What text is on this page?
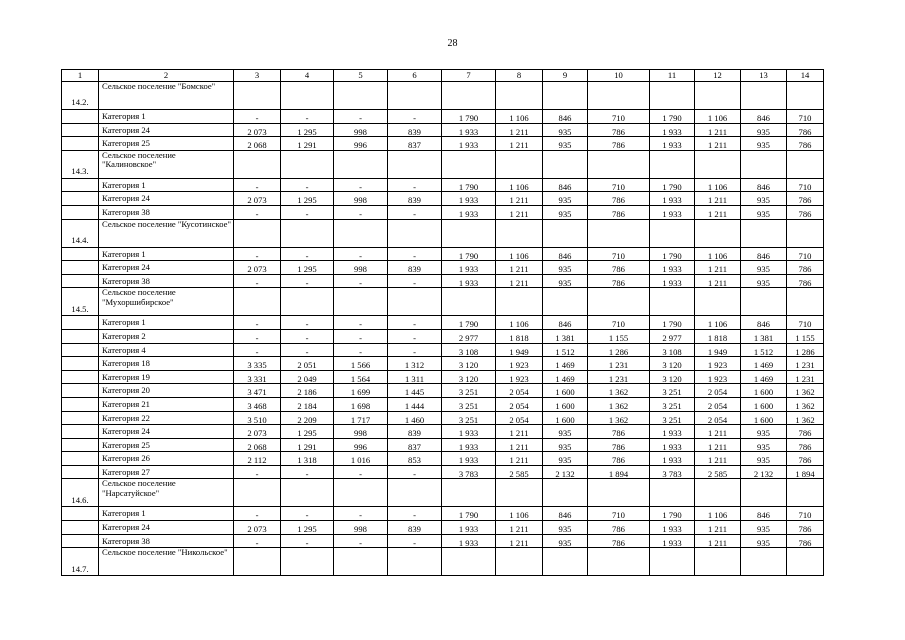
28
1	2	3	4	5	6	7	8	9	10	11	12	13	14
14.2.	Сельское поселение "Бомское"												
	Категория 1	-	-	-	-	1 790	1 106	846	710	1 790	1 106	846	710
	Категория 24	2 073	1 295	998	839	1 933	1 211	935	786	1 933	1 211	935	786
	Категория 25	2 068	1 291	996	837	1 933	1 211	935	786	1 933	1 211	935	786
14.3.	Сельское поселение "Калиновское"												
	Категория 1	-	-	-	-	1 790	1 106	846	710	1 790	1 106	846	710
	Категория 24	2 073	1 295	998	839	1 933	1 211	935	786	1 933	1 211	935	786
	Категория 38	-	-	-	-	1 933	1 211	935	786	1 933	1 211	935	786
14.4.	Сельское поселение "Кусотинское"												
	Категория 1	-	-	-	-	1 790	1 106	846	710	1 790	1 106	846	710
	Категория 24	2 073	1 295	998	839	1 933	1 211	935	786	1 933	1 211	935	786
	Категория 38	-	-	-	-	1 933	1 211	935	786	1 933	1 211	935	786
14.5.	Сельское поселение "Мухоршибирское"												
	Категория 1	-	-	-	-	1 790	1 106	846	710	1 790	1 106	846	710
	Категория 2	-	-	-	-	2 977	1 818	1 381	1 155	2 977	1 818	1 381	1 155
	Категория 4	-	-	-	-	3 108	1 949	1 512	1 286	3 108	1 949	1 512	1 286
	Категория 18	3 335	2 051	1 566	1 312	3 120	1 923	1 469	1 231	3 120	1 923	1 469	1 231
	Категория 19	3 331	2 049	1 564	1 311	3 120	1 923	1 469	1 231	3 120	1 923	1 469	1 231
	Категория 20	3 471	2 186	1 699	1 445	3 251	2 054	1 600	1 362	3 251	2 054	1 600	1 362
	Категория 21	3 468	2 184	1 698	1 444	3 251	2 054	1 600	1 362	3 251	2 054	1 600	1 362
	Категория 22	3 510	2 209	1 717	1 460	3 251	2 054	1 600	1 362	3 251	2 054	1 600	1 362
	Категория 24	2 073	1 295	998	839	1 933	1 211	935	786	1 933	1 211	935	786
	Категория 25	2 068	1 291	996	837	1 933	1 211	935	786	1 933	1 211	935	786
	Категория 26	2 112	1 318	1 016	853	1 933	1 211	935	786	1 933	1 211	935	786
	Категория 27	-	-	-	-	3 783	2 585	2 132	1 894	3 783	2 585	2 132	1 894
14.6.	Сельское поселение "Нарсатуйское"												
	Категория 1	-	-	-	-	1 790	1 106	846	710	1 790	1 106	846	710
	Категория 24	2 073	1 295	998	839	1 933	1 211	935	786	1 933	1 211	935	786
	Категория 38	-	-	-	-	1 933	1 211	935	786	1 933	1 211	935	786
14.7.	Сельское поселение "Никольское"												
